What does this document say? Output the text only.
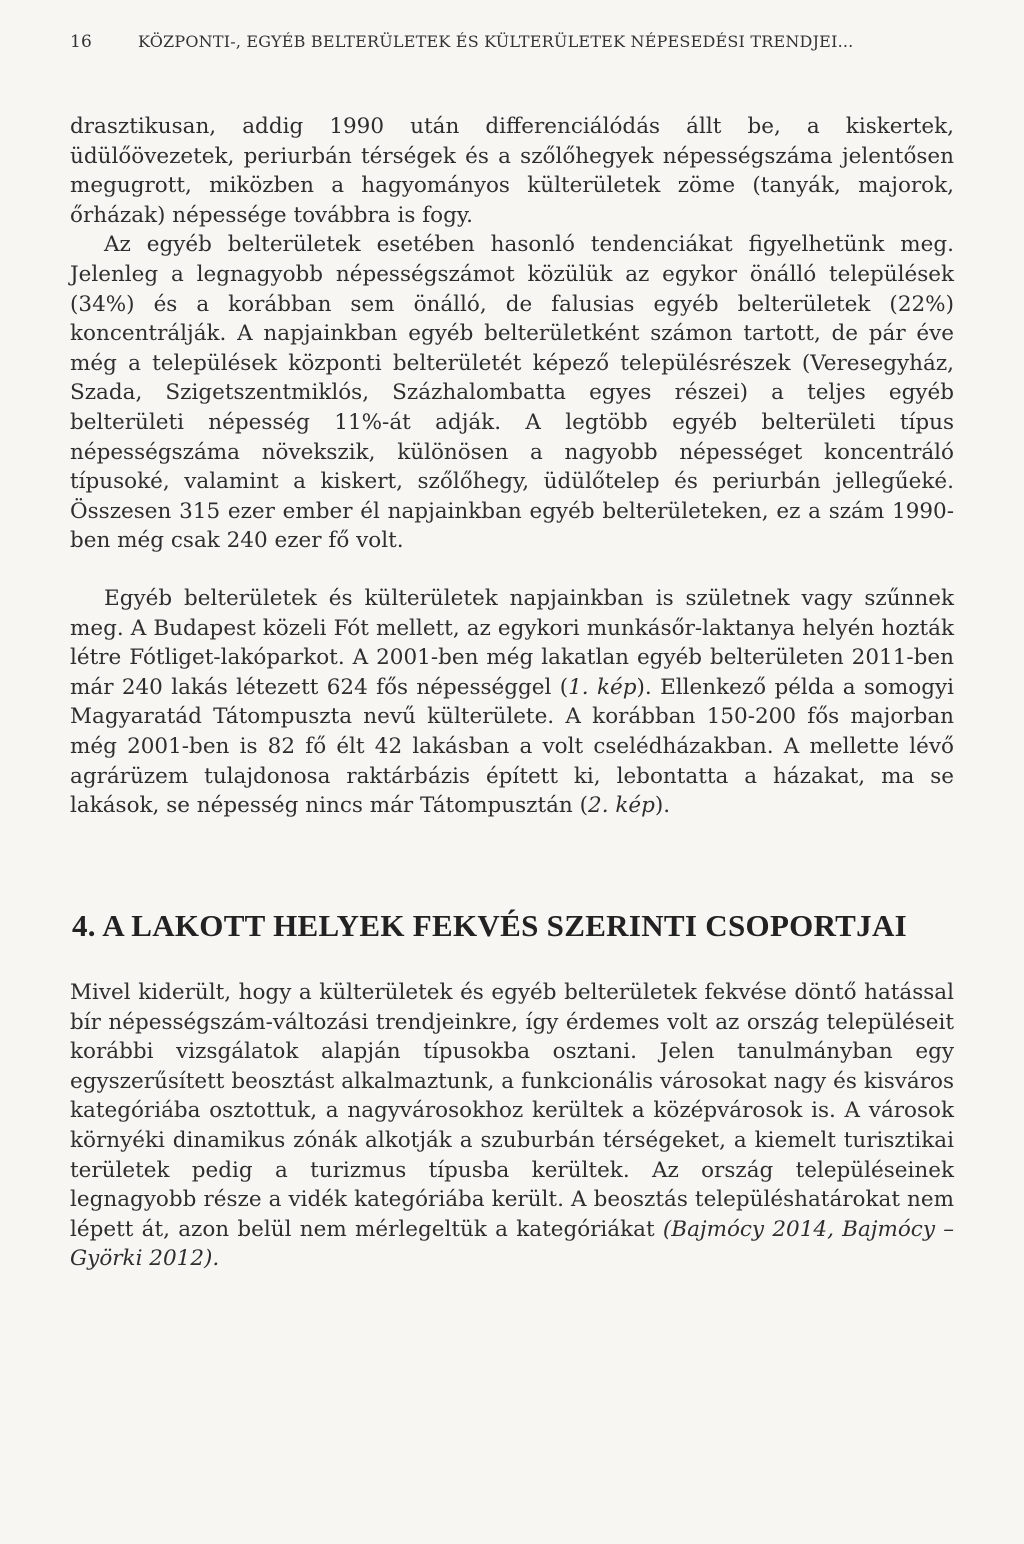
16	KÖZPONTI-, EGYÉB BELTERÜLETEK ÉS KÜLTERÜLETEK NÉPESEDÉSI TRENDJEI...

drasztikusan, addig 1990 után differenciálódás állt be, a kiskertek, üdülőövezetek, periurbán térségek és a szőlőhegyek népességszáma jelentősen megugrott, miközben a hagyományos külterületek zöme (tanyák, majorok, őrházak) népessége továbbra is fogy.

Az egyéb belterületek esetében hasonló tendenciákat figyelhetünk meg. Jelenleg a legnagyobb népességszámot közülük az egykor önálló települések (34%) és a korábban sem önálló, de falusias egyéb belterületek (22%) koncentrálják. A napjainkban egyéb belterületként számon tartott, de pár éve még a települések központi belterületét képező településrészek (Veresegyház, Szada, Szigetszentmiklós, Százhalombatta egyes részei) a teljes egyéb belterületi népesség 11%-át adják. A legtöbb egyéb belterületi típus népességszáma növekszik, különösen a nagyobb népességet koncentráló típusoké, valamint a kiskert, szőlőhegy, üdülőtelep és periurbán jellegűeké. Összesen 315 ezer ember él napjainkban egyéb belterületeken, ez a szám 1990-ben még csak 240 ezer fő volt.

Egyéb belterületek és külterületek napjainkban is születnek vagy szűnnek meg. A Budapest közeli Fót mellett, az egykori munkásőr-laktanya helyén hozták létre Fótliget-lakóparkot. A 2001-ben még lakatlan egyéb belterületen 2011-ben már 240 lakás létezett 624 fős népességgel (1. kép). Ellenkező példa a somogyi Magyaratád Tátompuszta nevű külterülete. A korábban 150-200 fős majorban még 2001-ben is 82 fő élt 42 lakásban a volt cselédházakban. A mellette lévő agrárüzem tulajdonosa raktárbázis épített ki, lebontatta a házakat, ma se lakások, se népesség nincs már Tátompusztán (2. kép).

4. A LAKOTT HELYEK FEKVÉS SZERINTI CSOPORTJAI

Mivel kiderült, hogy a külterületek és egyéb belterületek fekvése döntő hatással bír népességszám-változási trendjeinkre, így érdemes volt az ország településeit korábbi vizsgálatok alapján típusokba osztani. Jelen tanulmányban egy egyszerűsített beosztást alkalmaztunk, a funkcionális városokat nagy és kisváros kategóriába osztottuk, a nagyvárosokhoz kerültek a középvárosok is. A városok környéki dinamikus zónák alkotják a szuburbán térségeket, a kiemelt turisztikai területek pedig a turizmus típusba kerültek. Az ország településeinek legnagyobb része a vidék kategóriába került. A beosztás településhatárokat nem lépett át, azon belül nem mérlegeltük a kategóriákat (Bajmócy 2014, Bajmócy – Györki 2012).
